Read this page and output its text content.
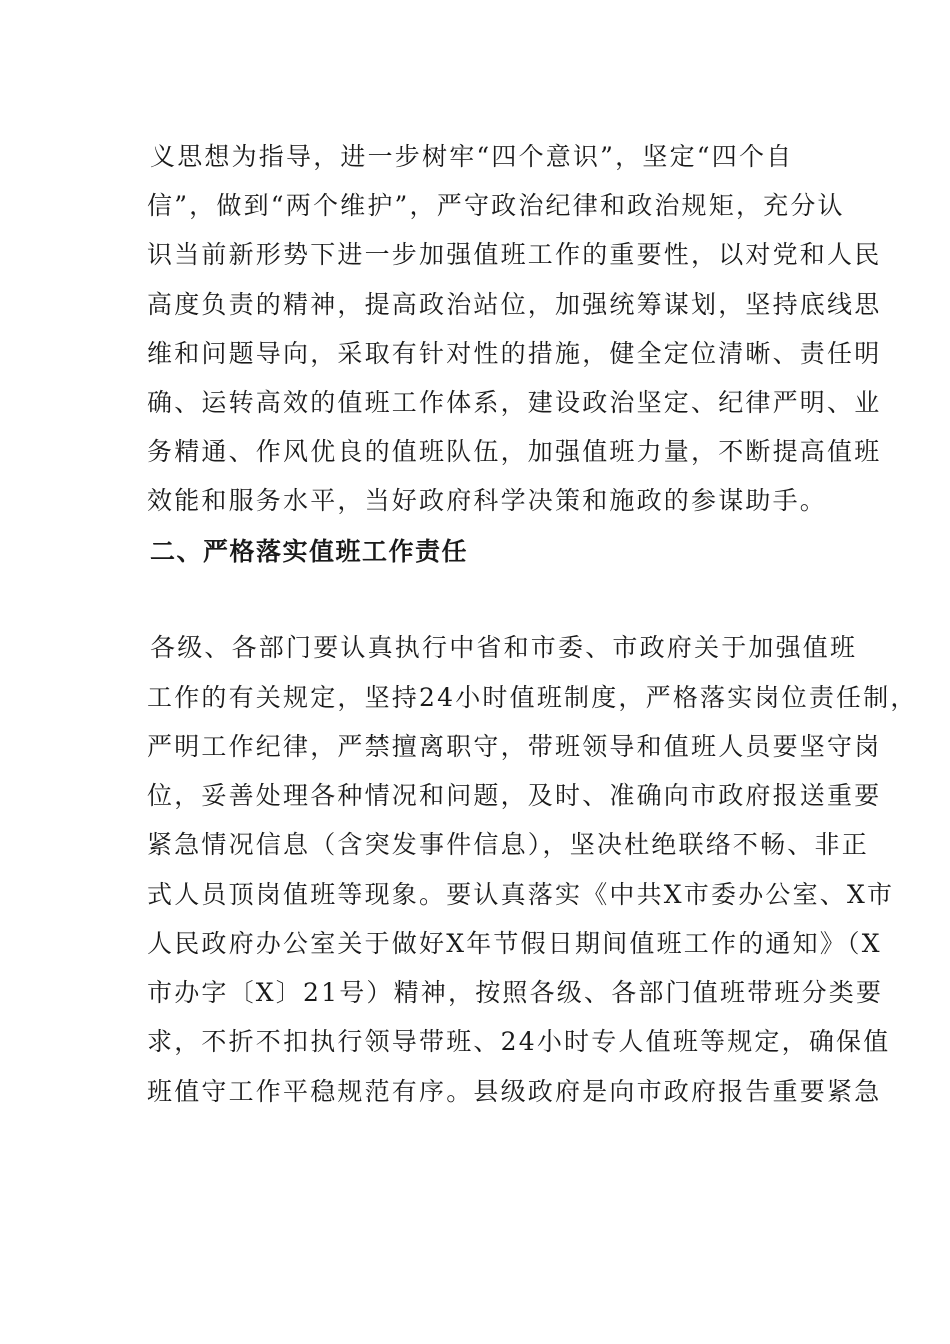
义思想为指导，进一步树牢“四个意识”，坚定“四个自
信”，做到“两个维护”，严守政治纪律和政治规矩，充分认
识当前新形势下进一步加强值班工作的重要性，以对党和人民
高度负责的精神，提高政治站位，加强统筹谋划，坚持底线思
维和问题导向，采取有针对性的措施，健全定位清晰、责任明
确、运转高效的值班工作体系，建设政治坚定、纪律严明、业
务精通、作风优良的值班队伍，加强值班力量，不断提高值班
效能和服务水平，当好政府科学决策和施政的参谋助手。
二、严格落实值班工作责任
各级、各部门要认真执行中省和市委、市政府关于加强值班
工作的有关规定，坚持24小时值班制度，严格落实岗位责任制，
严明工作纪律，严禁擅离职守，带班领导和值班人员要坚守岗
位，妥善处理各种情况和问题，及时、准确向市政府报送重要
紧急情况信息（含突发事件信息），坚决杜绝联络不畅、非正
式人员顶岗值班等现象。要认真落实《中共X市委办公室、X市
人民政府办公室关于做好X年节假日期间值班工作的通知》（X
市办字〔X〕21号）精神，按照各级、各部门值班带班分类要
求，不折不扣执行领导带班、24小时专人值班等规定，确保值
班值守工作平稳规范有序。县级政府是向市政府报告重要紧急
